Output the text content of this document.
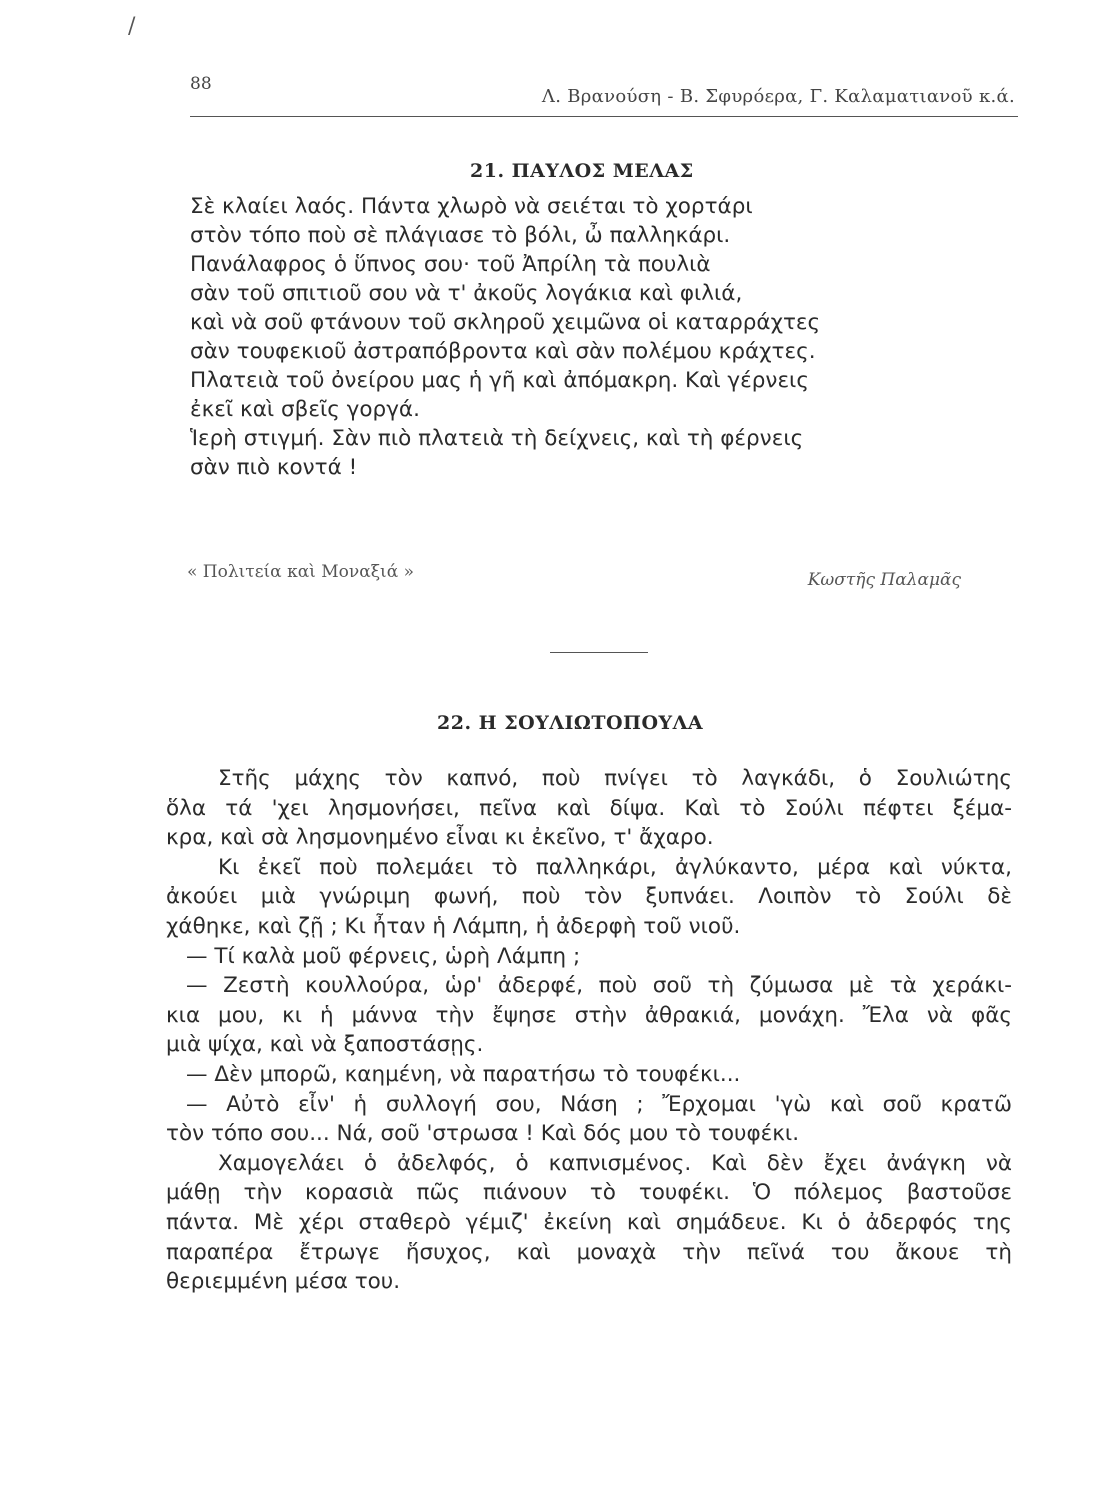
/
88
Λ. Βρανούση - Β. Σφυρόερα, Γ. Καλαματιανοῦ κ.ά.
21. ΠΑΥΛΟΣ ΜΕΛΑΣ
Σὲ κλαίει λαός. Πάντα χλωρὸ νὰ σειέται τὸ χορτάρι
στὸν τόπο ποὺ σὲ πλάγιασε τὸ βόλι, ὦ παλληκάρι.
Πανάλαφρος ὁ ὕπνος σου· τοῦ Ἀπρίλη τὰ πουλιὰ
σὰν τοῦ σπιτιοῦ σου νὰ τ' ἀκοῦς λογάκια καὶ φιλιά,
καὶ νὰ σοῦ φτάνουν τοῦ σκληροῦ χειμῶνα οἱ καταρράχτες
σὰν τουφεκιοῦ ἀστραπόβροντα καὶ σὰν πολέμου κράχτες.
Πλατειὰ τοῦ ὀνείρου μας ἡ γῆ καὶ ἀπόμακρη. Καὶ γέρνεις
ἐκεῖ καὶ σβεῖς γοργά.
Ἱερὴ στιγμή. Σὰν πιὸ πλατειὰ τὴ δείχνεις, καὶ τὴ φέρνεις
σὰν πιὸ κοντά !
« Πολιτεία καὶ Μοναξιά »	Κωστῆς Παλαμᾶς
22. Η ΣΟΥΛΙΩΤΟΠΟΥΛΑ
Στῆς μάχης τὸν καπνό, ποὺ πνίγει τὸ λαγκάδι, ὁ Σουλιώτης
ὅλα τά 'χει λησμονήσει, πεῖνα καὶ δίψα. Καὶ τὸ Σούλι πέφτει ξέμα-
κρα, καὶ σὰ λησμονημένο εἶναι κι ἐκεῖνο, τ' ἄχαρο.
Κι ἐκεῖ ποὺ πολεμάει τὸ παλληκάρι, ἀγλύκαντο, μέρα καὶ νύκτα,
ἀκούει μιὰ γνώριμη φωνή, ποὺ τὸν ξυπνάει. Λοιπὸν τὸ Σούλι δὲ
χάθηκε, καὶ ζῇ ; Κι ἦταν ἡ Λάμπη, ἡ ἀδερφὴ τοῦ νιοῦ.
— Τί καλὰ μοῦ φέρνεις, ὡρὴ Λάμπη ;
— Ζεστὴ κουλλούρα, ὡρ' ἀδερφέ, ποὺ σοῦ τὴ ζύμωσα μὲ τὰ χεράκι-
κια μου, κι ἡ μάννα τὴν ἔψησε στὴν ἀθρακιά, μονάχη. Ἔλα νὰ φᾶς
μιὰ ψίχα, καὶ νὰ ξαποστάσῃς.
— Δὲν μπορῶ, καημένη, νὰ παρατήσω τὸ τουφέκι...
— Αὐτὸ εἶν' ἡ συλλογή σου, Νάση ; Ἔρχομαι 'γὼ καὶ σοῦ κρατῶ
τὸν τόπο σου... Νά, σοῦ 'στρωσα ! Καὶ δός μου τὸ τουφέκι.
Χαμογελάει ὁ ἀδελφός, ὁ καπνισμένος. Καὶ δὲν ἔχει ἀνάγκη νὰ
μάθῃ τὴν κορασιὰ πῶς πιάνουν τὸ τουφέκι. Ὁ πόλεμος βαστοῦσε
πάντα. Μὲ χέρι σταθερὸ γέμιζ' ἐκείνη καὶ σημάδευε. Κι ὁ ἀδερφός της
παραπέρα ἔτρωγε ἥσυχος, καὶ μοναχὰ τὴν πεῖνά του ἄκουε τὴ
θεριεμμένη μέσα του.
